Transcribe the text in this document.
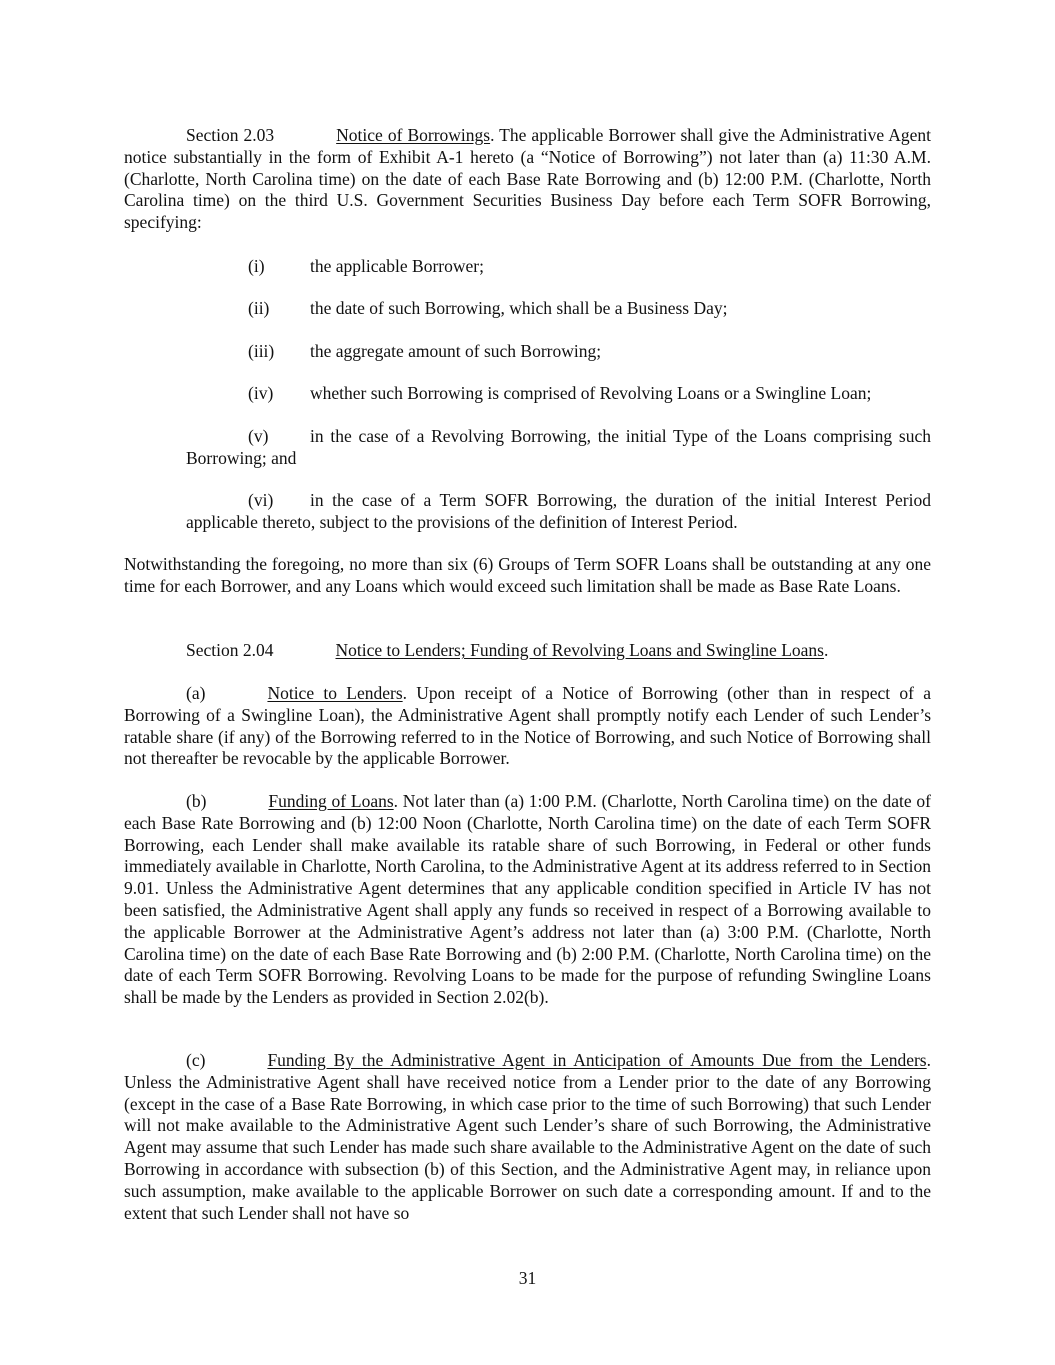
Section 2.03	Notice of Borrowings. The applicable Borrower shall give the Administrative Agent notice substantially in the form of Exhibit A-1 hereto (a “Notice of Borrowing”) not later than (a) 11:30 A.M. (Charlotte, North Carolina time) on the date of each Base Rate Borrowing and (b) 12:00 P.M. (Charlotte, North Carolina time) on the third U.S. Government Securities Business Day before each Term SOFR Borrowing, specifying:

(i)	the applicable Borrower;

(ii) the date of such Borrowing, which shall be a Business Day;

(iii) the aggregate amount of such Borrowing;

(iv) whether such Borrowing is comprised of Revolving Loans or a Swingline Loan;

(v) in the case of a Revolving Borrowing, the initial Type of the Loans comprising such Borrowing; and

(vi) in the case of a Term SOFR Borrowing, the duration of the initial Interest Period applicable thereto, subject to the provisions of the definition of Interest Period.

Notwithstanding the foregoing, no more than six (6) Groups of Term SOFR Loans shall be outstanding at any one time for each Borrower, and any Loans which would exceed such limitation shall be made as Base Rate Loans.

Section 2.04	Notice to Lenders; Funding of Revolving Loans and Swingline Loans.

(a)	Notice to Lenders. Upon receipt of a Notice of Borrowing (other than in respect of a Borrowing of a Swingline Loan), the Administrative Agent shall promptly notify each Lender of such Lender’s ratable share (if any) of the Borrowing referred to in the Notice of Borrowing, and such Notice of Borrowing shall not thereafter be revocable by the applicable Borrower.

(b)	Funding of Loans. Not later than (a) 1:00 P.M. (Charlotte, North Carolina time) on the date of each Base Rate Borrowing and (b) 12:00 Noon (Charlotte, North Carolina time) on the date of each Term SOFR Borrowing, each Lender shall make available its ratable share of such Borrowing, in Federal or other funds immediately available in Charlotte, North Carolina, to the Administrative Agent at its address referred to in Section 9.01. Unless the Administrative Agent determines that any applicable condition specified in Article IV has not been satisfied, the Administrative Agent shall apply any funds so received in respect of a Borrowing available to the applicable Borrower at the Administrative Agent’s address not later than (a) 3:00 P.M. (Charlotte, North Carolina time) on the date of each Base Rate Borrowing and (b) 2:00 P.M. (Charlotte, North Carolina time) on the date of each Term SOFR Borrowing. Revolving Loans to be made for the purpose of refunding Swingline Loans shall be made by the Lenders as provided in Section 2.02(b).

(c)	Funding By the Administrative Agent in Anticipation of Amounts Due from the Lenders. Unless the Administrative Agent shall have received notice from a Lender prior to the date of any Borrowing (except in the case of a Base Rate Borrowing, in which case prior to the time of such Borrowing) that such Lender will not make available to the Administrative Agent such Lender’s share of such Borrowing, the Administrative Agent may assume that such Lender has made such share available to the Administrative Agent on the date of such Borrowing in accordance with subsection (b) of this Section, and the Administrative Agent may, in reliance upon such assumption, make available to the applicable Borrower on such date a corresponding amount. If and to the extent that such Lender shall not have so

31
